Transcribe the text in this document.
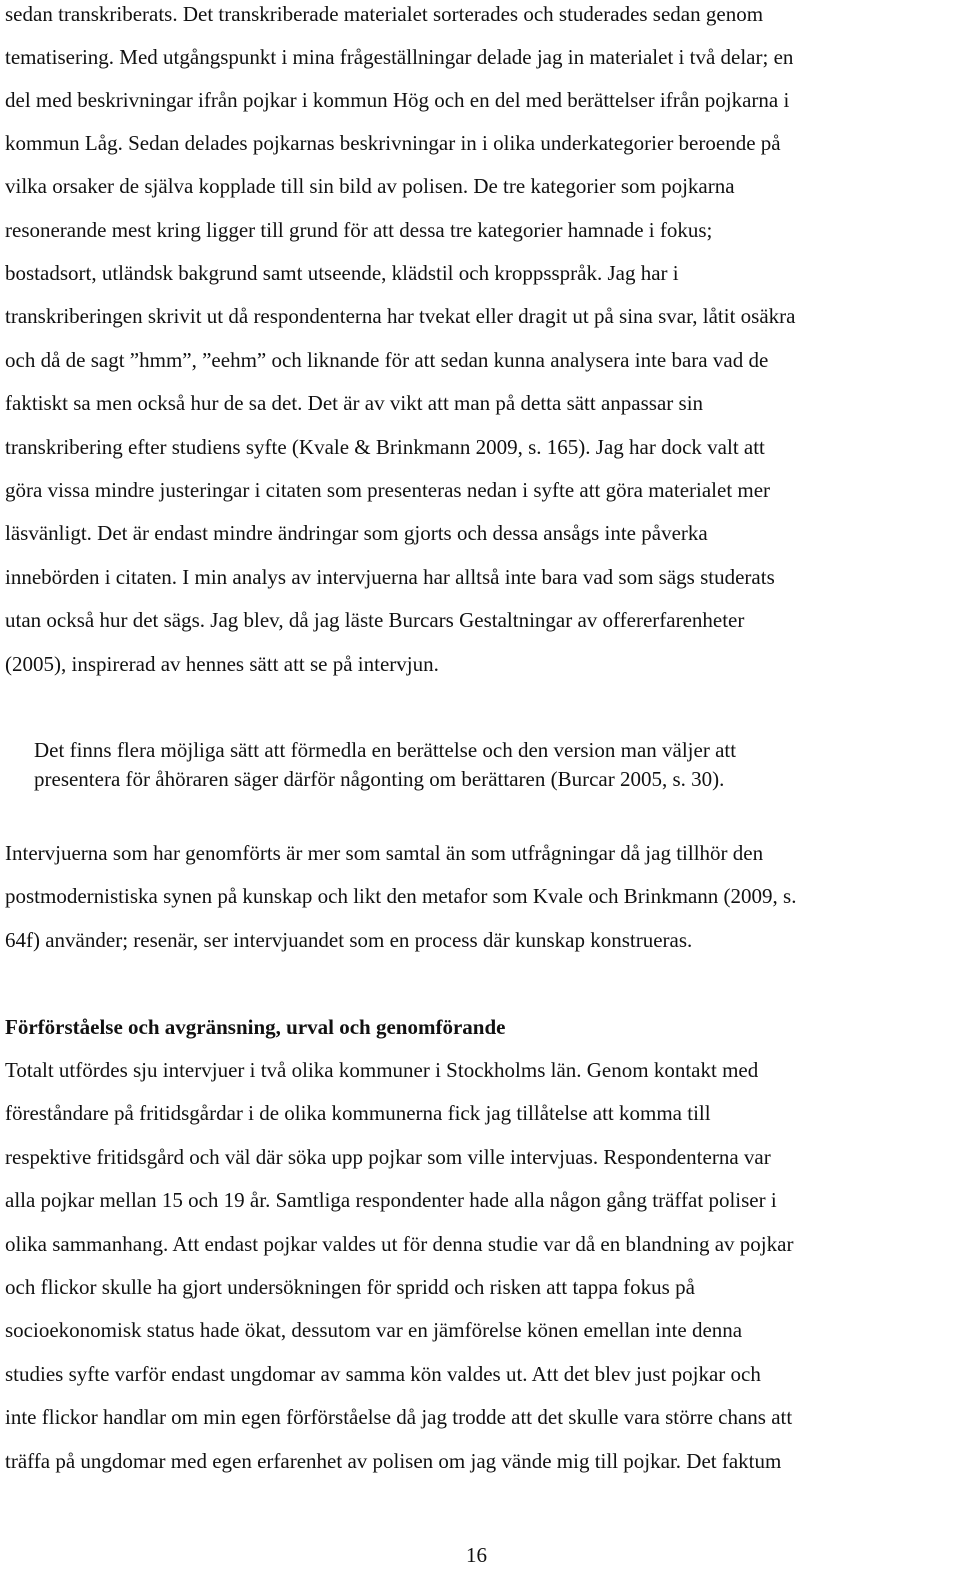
sedan transkriberats. Det transkriberade materialet sorterades och studerades sedan genom
tematisering. Med utgångspunkt i mina frågeställningar delade jag in materialet i två delar; en
del med beskrivningar ifrån pojkar i kommun Hög och en del med berättelser ifrån pojkarna i
kommun Låg. Sedan delades pojkarnas beskrivningar in i olika underkategorier beroende på
vilka orsaker de själva kopplade till sin bild av polisen. De tre kategorier som pojkarna
resonerande mest kring ligger till grund för att dessa tre kategorier hamnade i fokus;
bostadsort, utländsk bakgrund samt utseende, klädstil och kroppsspråk. Jag har i
transkriberingen skrivit ut då respondenterna har tvekat eller dragit ut på sina svar, låtit osäkra
och då de sagt ”hmm”, ”eehm” och liknande för att sedan kunna analysera inte bara vad de
faktiskt sa men också hur de sa det. Det är av vikt att man på detta sätt anpassar sin
transkribering efter studiens syfte (Kvale & Brinkmann 2009, s. 165). Jag har dock valt att
göra vissa mindre justeringar i citaten som presenteras nedan i syfte att göra materialet mer
läsvänligt. Det är endast mindre ändringar som gjorts och dessa ansågs inte påverka
innebörden i citaten. I min analys av intervjuerna har alltså inte bara vad som sägs studerats
utan också hur det sägs. Jag blev, då jag läste Burcars Gestaltningar av offererfarenheter
(2005), inspirerad av hennes sätt att se på intervjun.
Det finns flera möjliga sätt att förmedla en berättelse och den version man väljer att
presentera för åhöraren säger därför någonting om berättaren (Burcar 2005, s. 30).
Intervjuerna som har genomförts är mer som samtal än som utfrågningar då jag tillhör den
postmodernistiska synen på kunskap och likt den metafor som Kvale och Brinkmann (2009, s.
64f) använder; resenär, ser intervjuandet som en process där kunskap konstrueras.
Förförståelse och avgränsning, urval och genomförande
Totalt utfördes sju intervjuer i två olika kommuner i Stockholms län. Genom kontakt med
föreståndare på fritidsgårdar i de olika kommunerna fick jag tillåtelse att komma till
respektive fritidsgård och väl där söka upp pojkar som ville intervjuas. Respondenterna var
alla pojkar mellan 15 och 19 år. Samtliga respondenter hade alla någon gång träffat poliser i
olika sammanhang. Att endast pojkar valdes ut för denna studie var då en blandning av pojkar
och flickor skulle ha gjort undersökningen för spridd och risken att tappa fokus på
socioekonomisk status hade ökat, dessutom var en jämförelse könen emellan inte denna
studies syfte varför endast ungdomar av samma kön valdes ut. Att det blev just pojkar och
inte flickor handlar om min egen förförståelse då jag trodde att det skulle vara större chans att
träffa på ungdomar med egen erfarenhet av polisen om jag vände mig till pojkar. Det faktum
16
